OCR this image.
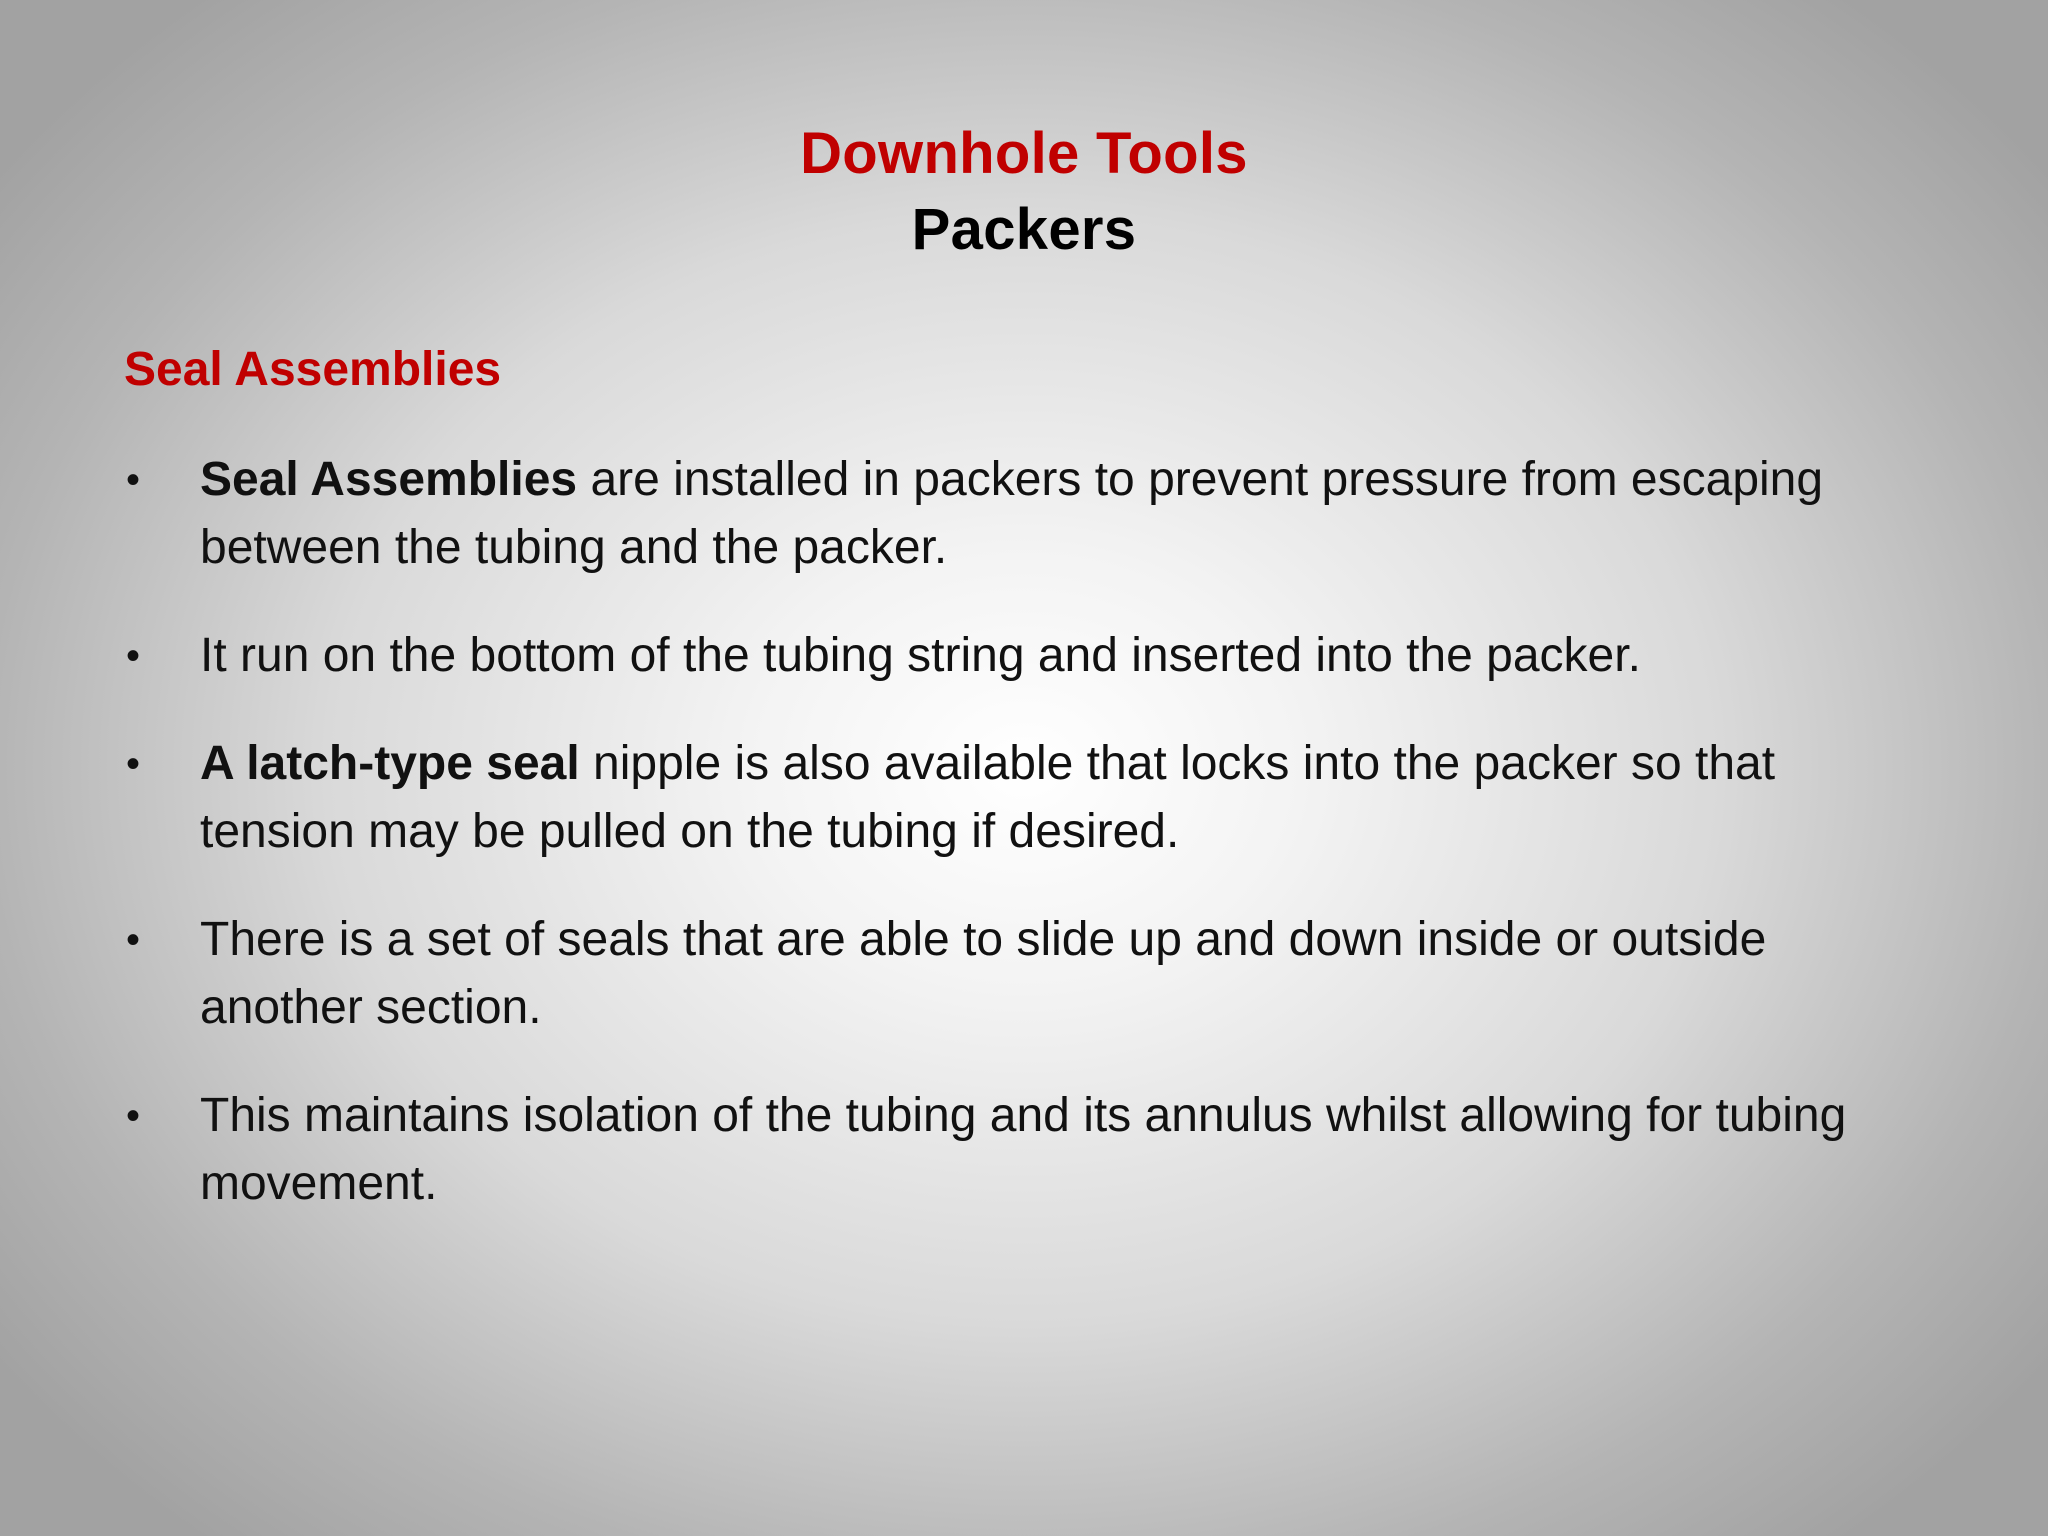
Downhole Tools
Packers
Seal Assemblies
• Seal Assemblies are installed in packers to prevent pressure from escaping between the tubing and the packer.
• It run on the bottom of the tubing string and inserted into the packer.
• A latch-type seal nipple is also available that locks into the packer so that tension may be pulled on the tubing if desired.
• There is a set of seals that are able to slide up and down inside or outside another section.
• This maintains isolation of the tubing and its annulus whilst allowing for tubing movement.
